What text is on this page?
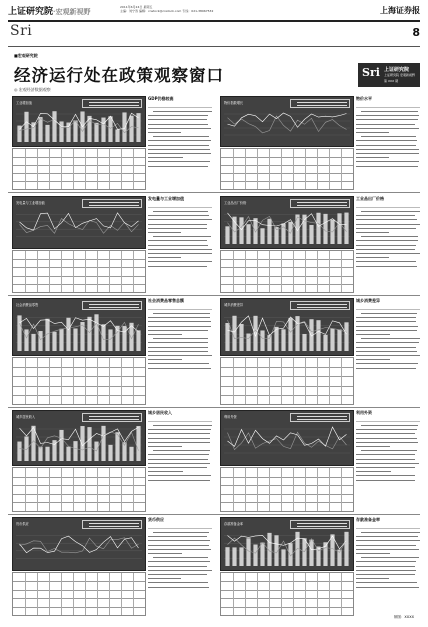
上证研究院·宏观新视野	2011年6月24日 星期五
主编：刘宁涛 编辑：cnstock@cnstock.com 专线：021-38967532	上海证券报
Sri	8
■宏观研究院
经济运行处在政策观察窗口
◎ 宏观经济数据观察
Sri 上证研究院
上证研究院 宏观新视野
第 XXX 期
工业增加值
GDP仍稳较高
物价指数增长
物价水平
发电量与工业增加值
发电量与工业增加值
工业品出厂价格
工业品出厂价格
社会消费品零售
社会消费品零售总额
城乡消费差异
城乡消费差异
城乡居民收入
城乡居民收入
利用外资
利用外资
货币供应
货币供应
存款准备金率
存款准备金率
制图：XXXX
